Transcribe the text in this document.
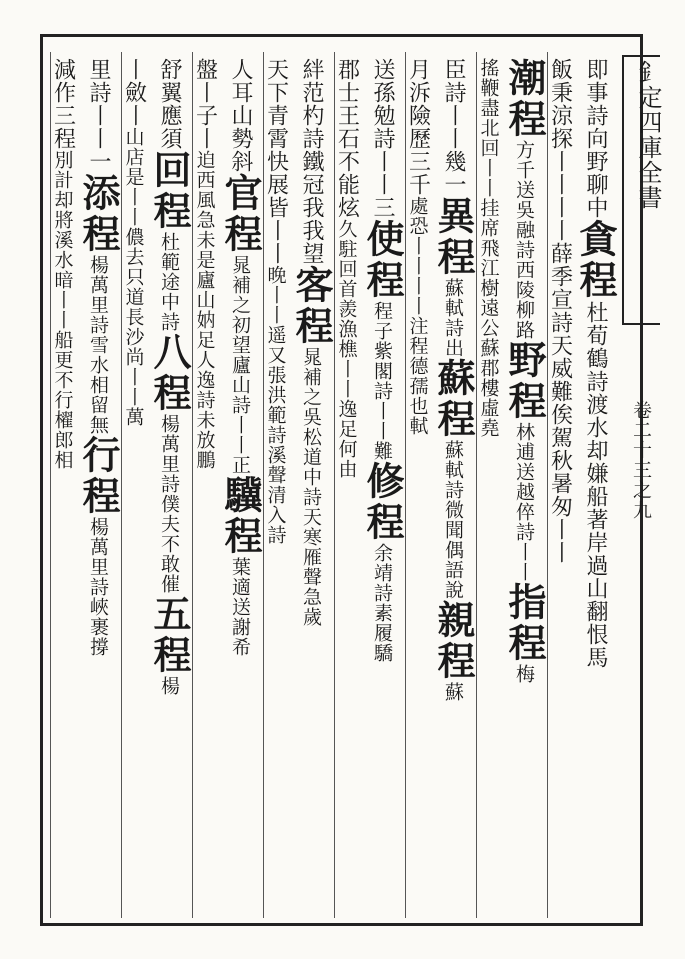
釒定四庫全書
卷二十三之九
即事詩向野聊中貪程杜荀鶴詩渡水却嫌船著岸過山翻恨馬
飯秉涼探丨丨丨丨薛季宣詩天威難俟駕秋暑匆丨丨
潮程方千送吳融詩西陵柳路野程林逋送越倅詩丨丨指程梅
搖鞭盡北回丨丨挂席飛江樹遠公蘇郡樓虛堯
臣詩丨丨幾一異程蘇軾詩出蘇程蘇軾詩微聞偶語說親程蘇
月泝險歷三千處恐丨丨丨丨注程德孺也軾
送孫勉詩丨丨三使程程子紫閣詩丨丨難修程余靖詩素履驕
郡士王石不能炫久駐回首羨漁樵丨丨逸足何由
絆范杓詩鐵冠我我望客程晁補之吳松道中詩天寒雁聲急歲
天下青霄快展皆丨丨晚丨丨遥又張洪範詩溪聲清入詩
人耳山勢斜官程晁補之初望廬山詩丨丨正驥程葉適送謝希
盤丨子丨迫西風急未是廬山妠足人逸詩未放鵬
舒翼應須回程杜範途中詩八程楊萬里詩僕夫不敢催五程楊
丨斂丨山店是丨丨儂去只道長沙尚丨丨萬
里詩丨丨一添程楊萬里詩雪水相留無行程楊萬里詩峽裹撐
減作三程別計却將溪水暗丨丨船更不行櫂郎相
